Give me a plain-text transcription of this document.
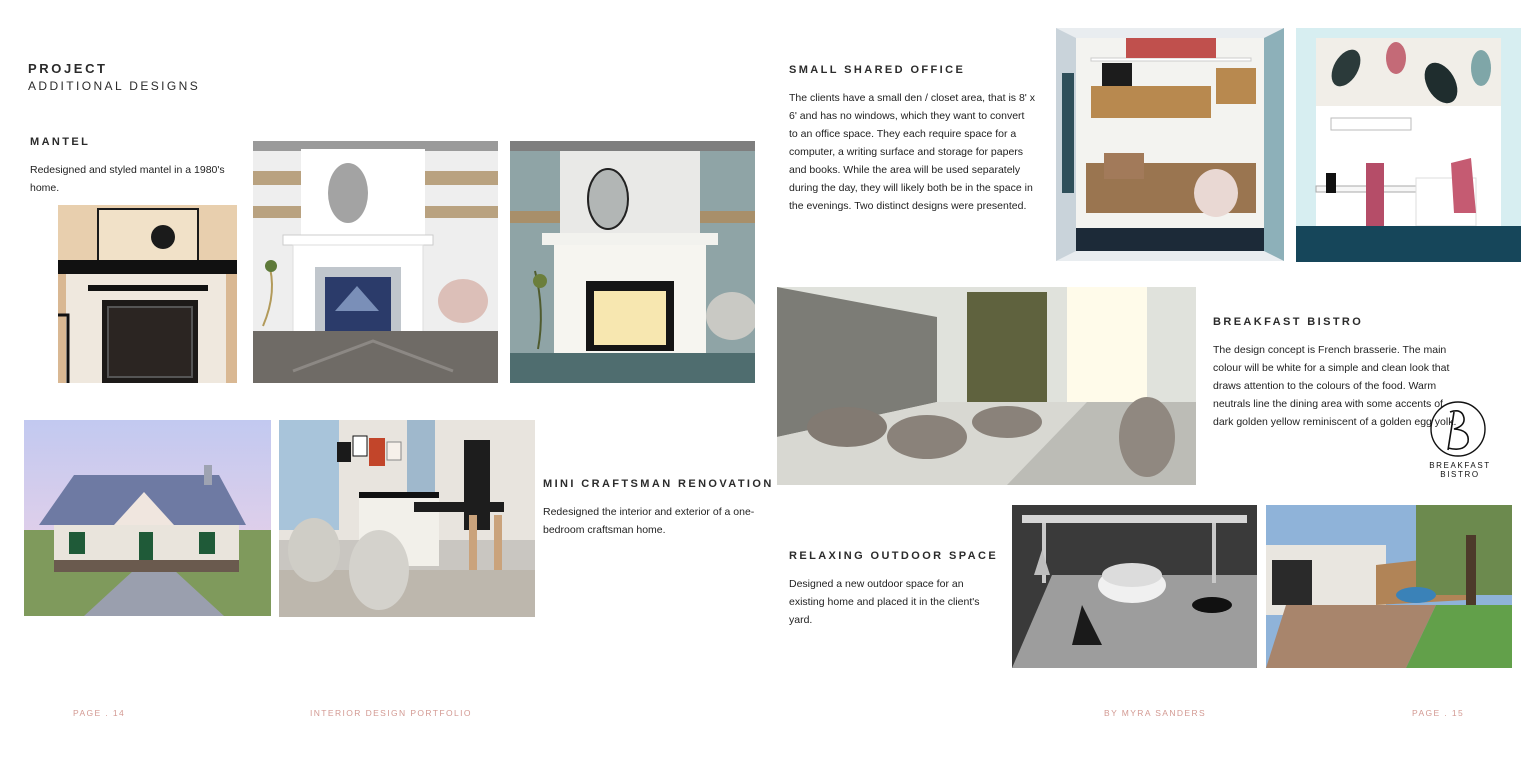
PROJECT
ADDITIONAL DESIGNS
MANTEL
Redesigned and styled mantel in a 1980's home.
MINI CRAFTSMAN RENOVATION
Redesigned the interior and exterior of a one-bedroom craftsman home.
SMALL SHARED OFFICE
The clients have a small den / closet area, that is 8' x 6' and has no windows, which they want to convert to an office space. They each require space for a computer, a writing surface and storage for papers and books. While the area will be used separately during the day, they will likely both be in the space in the evenings. Two distinct designs were presented.
BREAKFAST BISTRO
The design concept is French brasserie. The main colour will be white for a simple and clean look that draws attention to the colours of the food. Warm neutrals line the dining area with some accents of dark golden yellow reminiscent of a golden egg yolk.
BREAKFAST BISTRO
RELAXING OUTDOOR SPACE
Designed a new outdoor space for an existing home and placed it in the client's yard.
PAGE . 14	INTERIOR DESIGN PORTFOLIO	BY MYRA SANDERS	PAGE . 15
